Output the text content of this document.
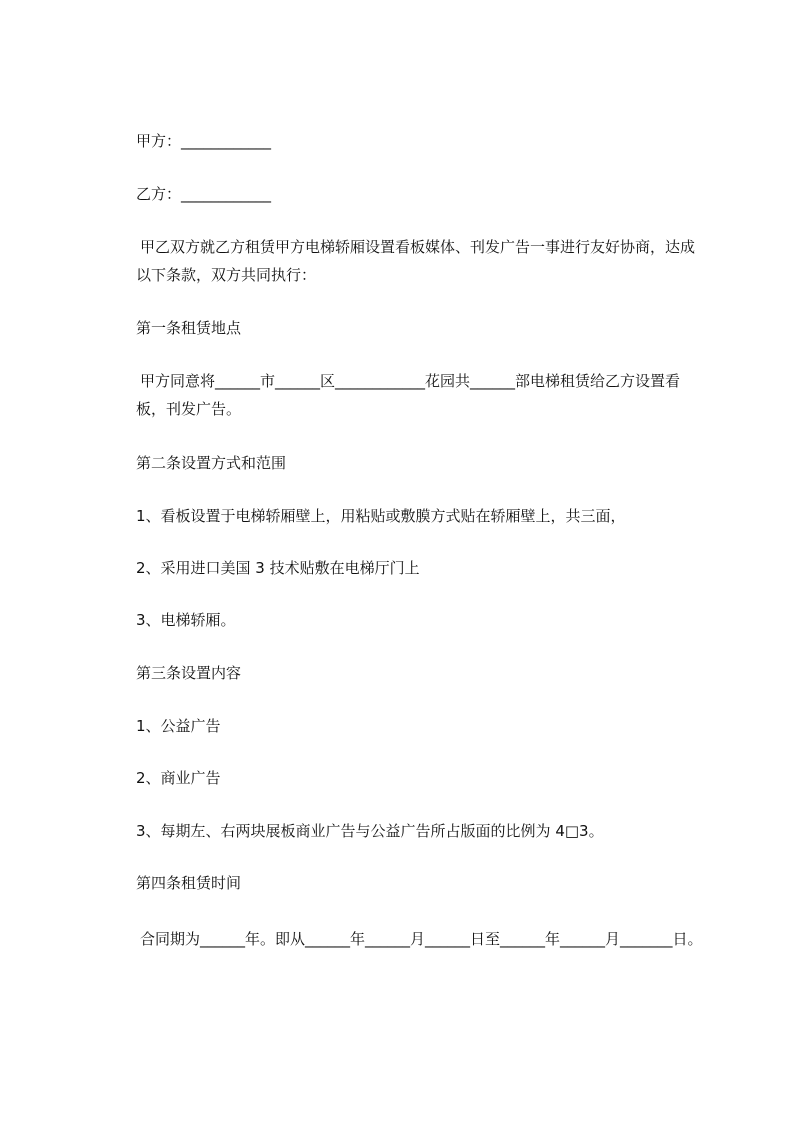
甲方：____________
乙方：____________
甲乙双方就乙方租赁甲方电梯轿厢设置看板媒体、刊发广告一事进行友好协商，达成以下条款，双方共同执行：
第一条租赁地点
甲方同意将______市______区____________花园共______部电梯租赁给乙方设置看板，刊发广告。
第二条设置方式和范围
1、看板设置于电梯轿厢壁上，用粘贴或敷膜方式贴在轿厢壁上，共三面，
2、采用进口美国 3 技术贴敷在电梯厅门上
3、电梯轿厢。
第三条设置内容
1、公益广告
2、商业广告
3、每期左、右两块展板商业广告与公益广告所占版面的比例为 4□3。
第四条租赁时间
合同期为______年。即从______年______月______日至______年______月_______日。
